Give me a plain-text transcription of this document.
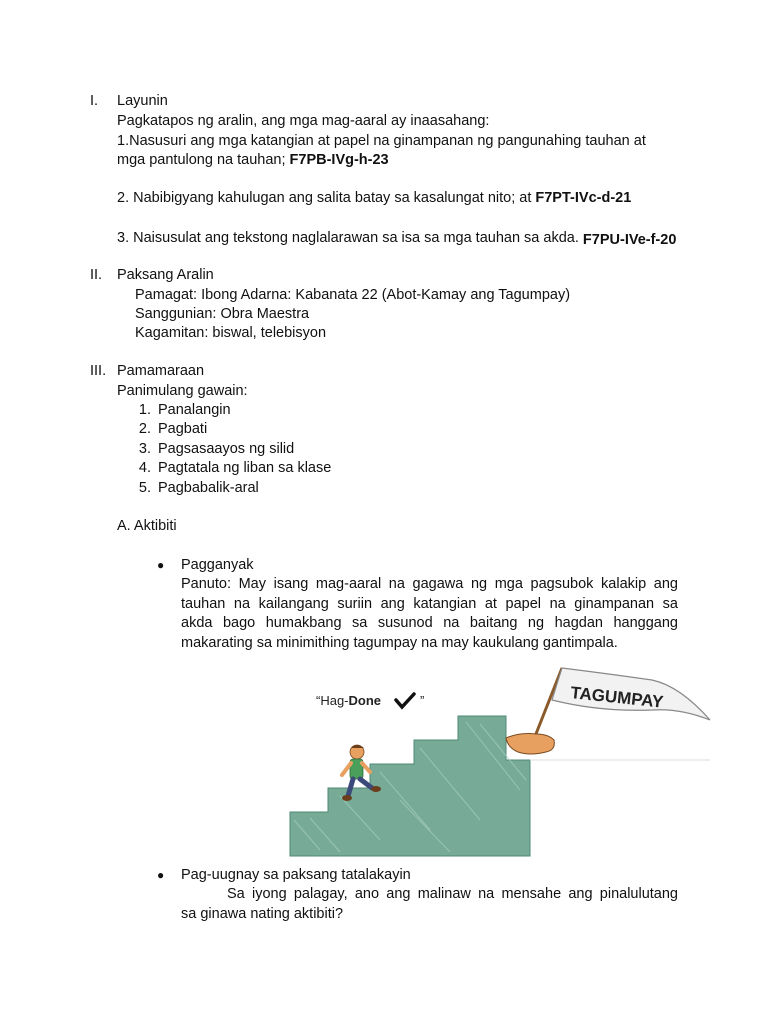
I. Layunin
Pagkatapos ng aralin, ang mga mag-aaral ay inaasahang:
1.Nasusuri ang mga katangian at papel na ginampanan ng pangunahing tauhan at
mga pantulong na tauhan; F7PB-IVg-h-23
2. Nabibigyang kahulugan ang salita batay sa kasalungat nito; at F7PT-IVc-d-21
3. Naisusulat ang tekstong naglalarawan sa isa sa mga tauhan sa akda. F7PU-IVe-f-20
II. Paksang Aralin
Pamagat: Ibong Adarna: Kabanata 22 (Abot-Kamay ang Tagumpay)
Sanggunian: Obra Maestra
Kagamitan: biswal, telebisyon
III. Pamamaraan
Panimulang gawain:
1. Panalangin
2. Pagbati
3. Pagsasaayos ng silid
4. Pagtatala ng liban sa klase
5. Pagbabalik-aral
A. Aktibiti
● Pagganyak
Panuto: May isang mag-aaral na gagawa ng mga pagsubok kalakip ang
tauhan na kailangang suriin ang katangian at papel na ginampanan sa
akda bago humakbang sa susunod na baitang ng hagdan hanggang
makarating sa minimithing tagumpay na may kaukulang gantimpala.
“Hag-Done	”	TAGUMPAY
● Pag-uugnay sa paksang tatalakayin
Sa iyong palagay, ano ang malinaw na mensahe ang pinalulutang
sa ginawa nating aktibiti?
